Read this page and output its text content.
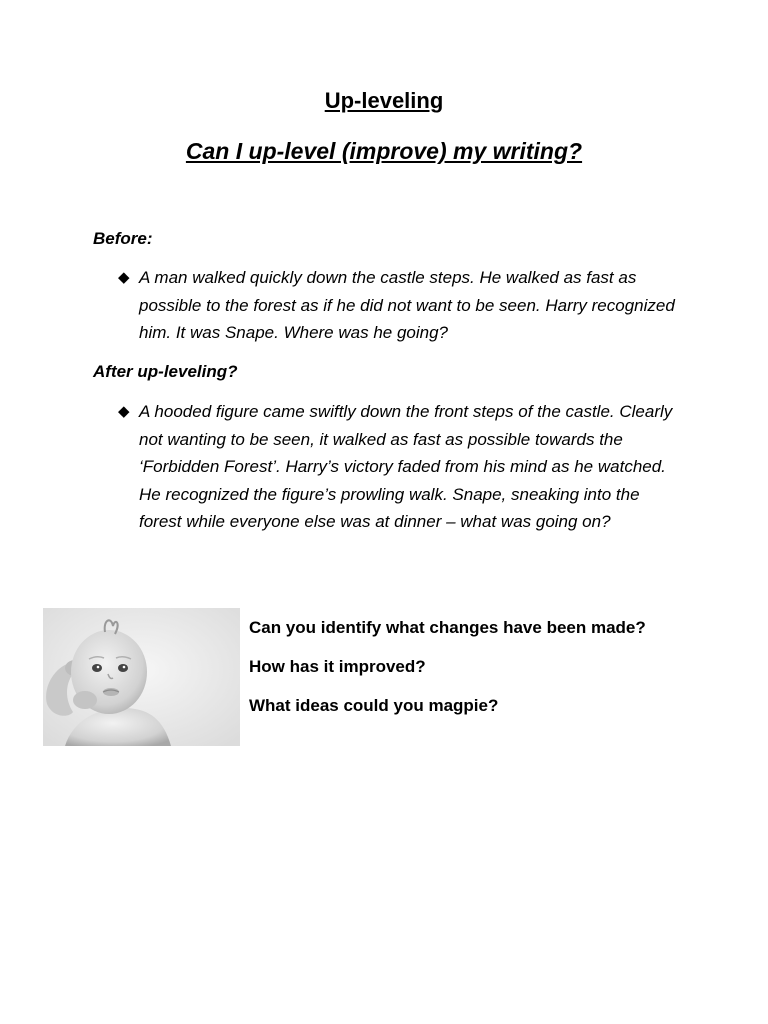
Up-leveling
Can I up-level (improve) my writing?

Before:

◆ A man walked quickly down the castle steps. He walked as fast as possible to the forest as if he did not want to be seen. Harry recognized him. It was Snape. Where was he going?

After up-leveling?

◆ A hooded figure came swiftly down the front steps of the castle. Clearly not wanting to be seen, it walked as fast as possible towards the ‘Forbidden Forest’. Harry’s victory faded from his mind as he watched. He recognized the figure’s prowling walk. Snape, sneaking into the forest while everyone else was at dinner – what was going on?

Can you identify what changes have been made?

How has it improved?

What ideas could you magpie?
